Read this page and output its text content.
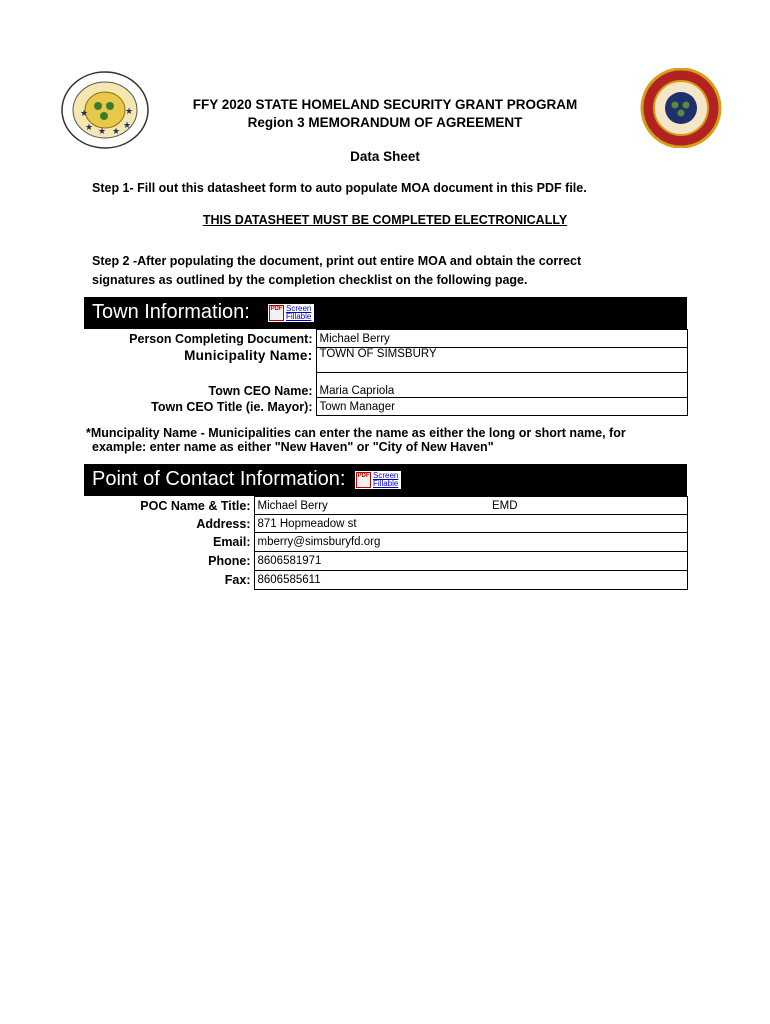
★ ★ ★
★
★	★	FFY 2020 STATE HOMELAND SECURITY GRANT PROGRAM
Region 3 MEMORANDUM OF AGREEMENT
Data Sheet
Step 1- Fill out this datasheet form to auto populate MOA document in this PDF file.
THIS DATASHEET MUST BE COMPLETED ELECTRONICALLY
Step 2 -After populating the document, print out entire MOA and obtain the correct
signatures as outlined by the completion checklist on the following page.
Town Information:	PDF Screen
Fillable
Person Completing Document:	Michael Berry
Municipality Name:	TOWN OF SIMSBURY
Town CEO Name:	Maria Capriola
Town CEO Title (ie. Mayor):	Town Manager
*Muncipality Name - Municipalities can enter the name as either the long or short name, for
example: enter name as either "New Haven" or "City of New Haven"
Point of Contact Information: PDF Screen
Fillable
POC Name & Title:	Michael Berry EMD

Address:	871 Hopmeadow st
Email:	mberry@simsburyfd.org
Phone:	8606581971
Fax:	8606585611
